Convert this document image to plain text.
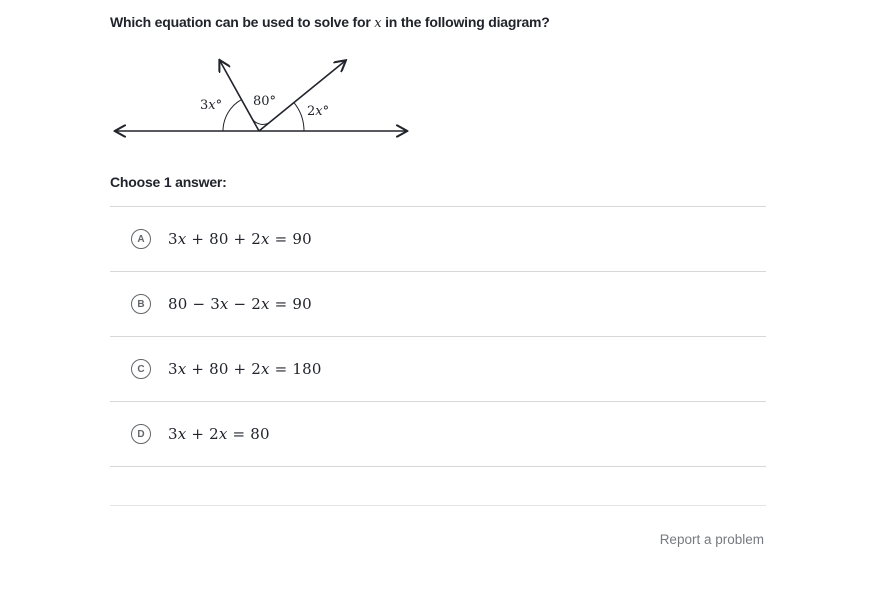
Which equation can be used to solve for x in the following diagram?
3x° 80°
2x°
Choose 1 answer:
A	3𝑥 + 80 + 2𝑥 = 90
B	80 − 3𝑥 − 2𝑥 = 90
C	3𝑥 + 80 + 2𝑥 = 180
D	3𝑥 + 2𝑥 = 80
Report a problem
